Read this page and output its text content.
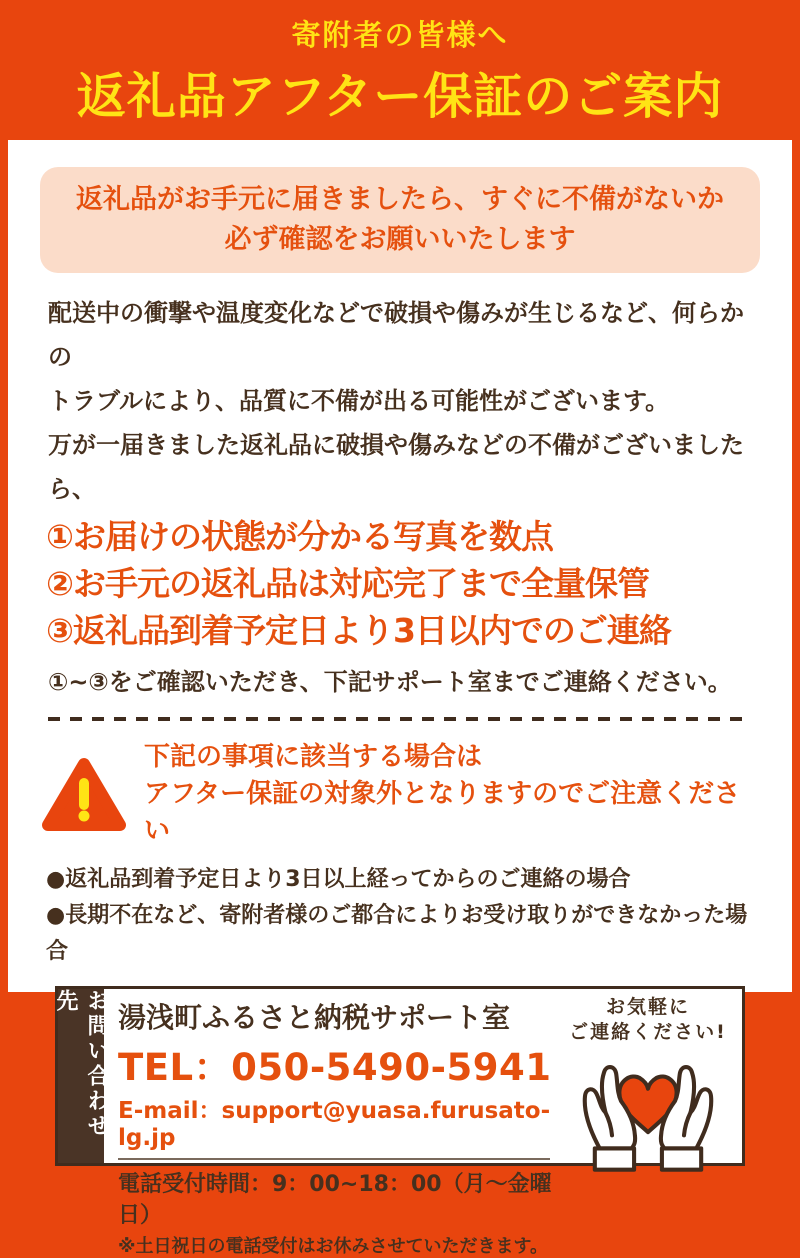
寄附者の皆様へ
返礼品アフター保証のご案内
返礼品がお手元に届きましたら、すぐに不備がないか
必ず確認をお願いいたします
配送中の衝撃や温度変化などで破損や傷みが生じるなど、何らかの
トラブルにより、品質に不備が出る可能性がございます。
万が一届きました返礼品に破損や傷みなどの不備がございましたら、
①お届けの状態が分かる写真を数点
②お手元の返礼品は対応完了まで全量保管
③返礼品到着予定日より3日以内でのご連絡
①~③をご確認いただき、下記サポート室までご連絡ください。
下記の事項に該当する場合は
アフター保証の対象外となりますのでご注意ください
●返礼品到着予定日より3日以上経ってからのご連絡の場合
●長期不在など、寄附者様のご都合によりお受け取りができなかった場合
お問い合わせ先	湯浅町ふるさと納税サポート室
TEL：050-5490-5941
E-mail：support@yuasa.furusato-lg.jp
電話受付時間：9：00~18：00（月～金曜日）
※土日祝日の電話受付はお休みさせていただきます。
お気軽に
ご連絡ください!
